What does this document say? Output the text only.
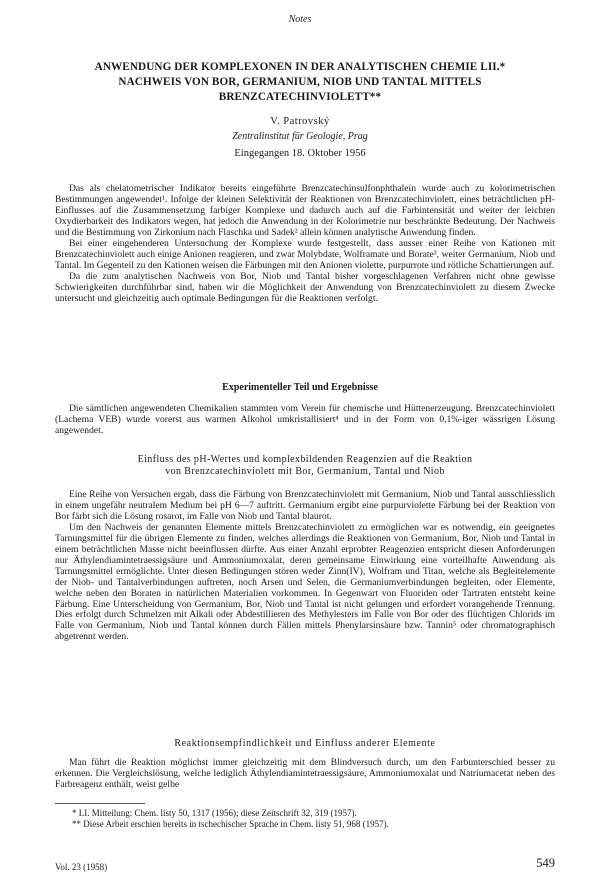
Notes
ANWENDUNG DER KOMPLEXONEN IN DER ANALYTISCHEN CHEMIE LII.*
NACHWEIS VON BOR, GERMANIUM, NIOB UND TANTAL MITTELS
BRENZCATECHINVIOLETT**
V. Patrovský
Zentralinstitut für Geologie, Prag
Eingegangen 18. Oktober 1956

Das als chelatometrischer Indikator bereits eingeführte Brenzcatechinsulfonphthalein wurde auch zu kolorimetrischen Bestimmungen angewendet¹. Infolge der kleinen Selektivität der Reaktionen von Brenzcatechinviolett, eines beträchtlichen pH-Einflusses auf die Zusammensetzung farbiger Komplexe und dadurch auch auf die Farbintensität und weiter der leichten Oxydierbarkeit des Indikators wegen, hat jedoch die Anwendung in der Kolorimetrie nur beschränkte Bedeutung. Der Nachweis und die Bestimmung von Zirkonium nach Flaschka und Sadek² allein können analytische Anwendung finden.

Bei einer eingehenderen Untersuchung der Komplexe wurde festgestellt, dass ausser einer Reihe von Kationen mit Brenzcatechinviolett auch einige Anionen reagieren, und zwar Molybdate, Wolframate und Borate³, weiter Germanium, Niob und Tantal. Im Gegenteil zu den Kationen weisen die Färbungen mit den Anionen violette, purpurrote und rötliche Schattierungen auf.

Da die zum analytischen Nachweis von Bor, Niob und Tantal bisher vorgeschlagenen Verfahren nicht ohne gewisse Schwierigkeiten durchführbar sind, haben wir die Möglichkeit der Anwendung von Brenzcatechinviolett zu diesem Zwecke untersucht und gleichzeitig auch optimale Bedingungen für die Reaktionen verfolgt.

Experimenteller Teil und Ergebnisse

Die sämtlichen angewendeten Chemikalien stammten vom Verein für chemische und Hüttenerzeugung. Brenzcatechinviolett (Lachema VEB) wurde vorerst aus warmen Alkohol umkristallisiert⁴ und in der Form von 0,1%-iger wässrigen Lösung angewendet.

Einfluss des pH-Wertes und komplexbildenden Reagenzien auf die Reaktion
von Brenzcatechinviolett mit Bor, Germanium, Tantal und Niob

Eine Reihe von Versuchen ergab, dass die Färbung von Brenzcatechinviolett mit Germanium, Niob und Tantal ausschliesslich in einem ungefähr neutralem Medium bei pH 6—7 auftritt. Germanium ergibt eine purpurviolette Färbung bei der Reaktion von Bor färbt sich die Lösung rosarot, im Falle von Niob und Tantal blaurot.

Um den Nachweis der genannten Elemente mittels Brenzcatechinviolett zu ermöglichen war es notwendig, ein geeignetes Tarnungsmittel für die übrigen Elemente zu finden, welches allerdings die Reaktionen von Germanium, Bor, Niob und Tantal in einem beträchtlichen Masse nicht beeinflussen dürfte. Aus einer Anzahl erprobter Reagenzien entspricht diesen Anforderungen nur Äthylendiamintetraessigsäure und Ammoniumoxalat, deren gemeinsame Einwirkung eine vorteilhafte Anwendung als Tarnungsmittel ermöglichte. Unter diesen Bedingungen stören weder Zinn(IV), Wolfram und Titan, welche als Begleitelemente der Niob- und Tantalverbindungen auftreten, noch Arsen und Selen, die Germaniumverbindungen begleiten, oder Elemente, welche neben den Boraten in natürlichen Materialien vorkommen. In Gegenwart von Fluoriden oder Tartraten entsteht keine Färbung. Eine Unterscheidung von Germanium, Bor, Niob und Tantal ist nicht gelungen und erfordert vorangehende Trennung. Dies erfolgt durch Schmelzen mit Alkali oder Abdestillieren des Methylesters im Falle von Bor oder des flüchtigen Chlorids im Falle von Germanium, Niob und Tantal können durch Fällen mittels Phenylarsinsäure bzw. Tannin⁵ oder chromatographisch abgetrennt werden.

Reaktionsempfindlichkeit und Einfluss anderer Elemente

Man führt die Reaktion möglichst immer gleichzeitig mit dem Blindversuch durch, um den Farbunterschied besser zu erkennen. Die Vergleichslösung, welche lediglich Äthylendiamintetraessigsäure, Ammoniumoxalat und Natriumacetat neben des Farbreagenz enthält, weist gelbe

* LI. Mitteilung: Chem. listy 50, 1317 (1956); diese Zeitschrift 32, 319 (1957).
** Diese Arbeit erschien bereits in tschechischer Sprache in Chem. listy 51, 968 (1957).
Vol. 23 (1958)	549
